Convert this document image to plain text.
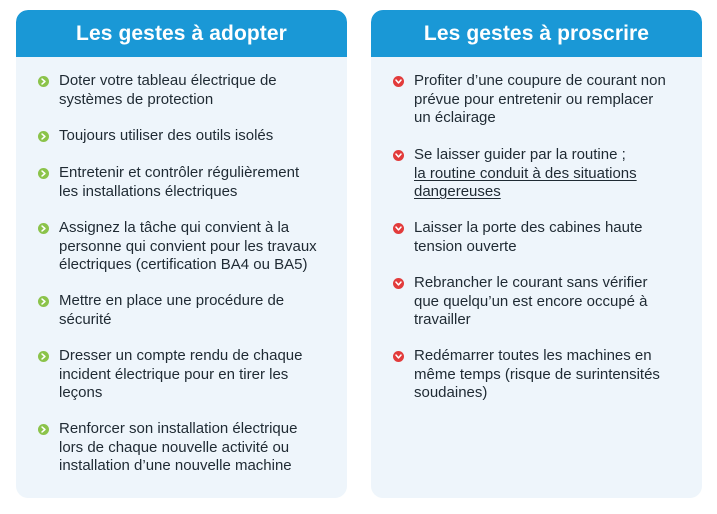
Les gestes à adopter
Doter votre tableau électrique de
systèmes de protection
Toujours utiliser des outils isolés
Entretenir et contrôler régulièrement
les installations électriques
Assignez la tâche qui convient à la
personne qui convient pour les travaux
électriques (certification BA4 ou BA5)
Mettre en place une procédure de
sécurité
Dresser un compte rendu de chaque
incident électrique pour en tirer les
leçons
Renforcer son installation électrique
lors de chaque nouvelle activité ou
installation d’une nouvelle machine
Les gestes à proscrire
Profiter d’une coupure de courant non
prévue pour entretenir ou remplacer
un éclairage
Se laisser guider par la routine ;
la routine conduit à des situations
dangereuses
Laisser la porte des cabines haute
tension ouverte
Rebrancher le courant sans vérifier
que quelqu’un est encore occupé à
travailler
Redémarrer toutes les machines en
même temps (risque de surintensités
soudaines)
